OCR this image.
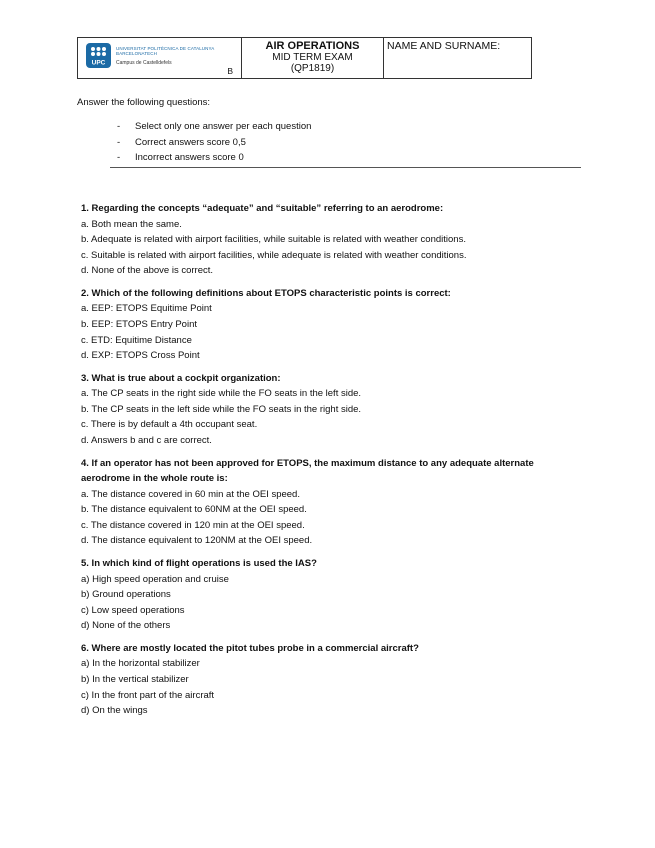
UPC
UNIVERSITAT POLITÈCNICA DE CATALUNYA BARCELONATECH
Campus de Castelldefels
B
AIR OPERATIONS
MID TERM EXAM
(QP1819)
NAME AND SURNAME:
Answer the following questions:
-	Select only one answer per each question
-	Correct answers score 0,5
-	Incorrect answers score 0
1. Regarding the concepts “adequate” and “suitable” referring to an aerodrome:
a. Both mean the same.
b. Adequate is related with airport facilities, while suitable is related with weather conditions.
c. Suitable is related with airport facilities, while adequate is related with weather conditions.
d. None of the above is correct.
2. Which of the following definitions about ETOPS characteristic points is correct:
a. EEP: ETOPS Equitime Point
b. EEP: ETOPS Entry Point
c. ETD: Equitime Distance
d. EXP: ETOPS Cross Point
3. What is true about a cockpit organization:
a. The CP seats in the right side while the FO seats in the left side.
b. The CP seats in the left side while the FO seats in the right side.
c. There is by default a 4th occupant seat.
d. Answers b and c are correct.
4. If an operator has not been approved for ETOPS, the maximum distance to any adequate alternate aerodrome in the whole route is:
a. The distance covered in 60 min at the OEI speed.
b. The distance equivalent to 60NM at the OEI speed.
c. The distance covered in 120 min at the OEI speed.
d. The distance equivalent to 120NM at the OEI speed.
5. In which kind of flight operations is used the IAS?
a) High speed operation and cruise
b) Ground operations
c) Low speed operations
d) None of the others
6. Where are mostly located the pitot tubes probe in a commercial aircraft?
a) In the horizontal stabilizer
b) In the vertical stabilizer
c) In the front part of the aircraft
d) On the wings
